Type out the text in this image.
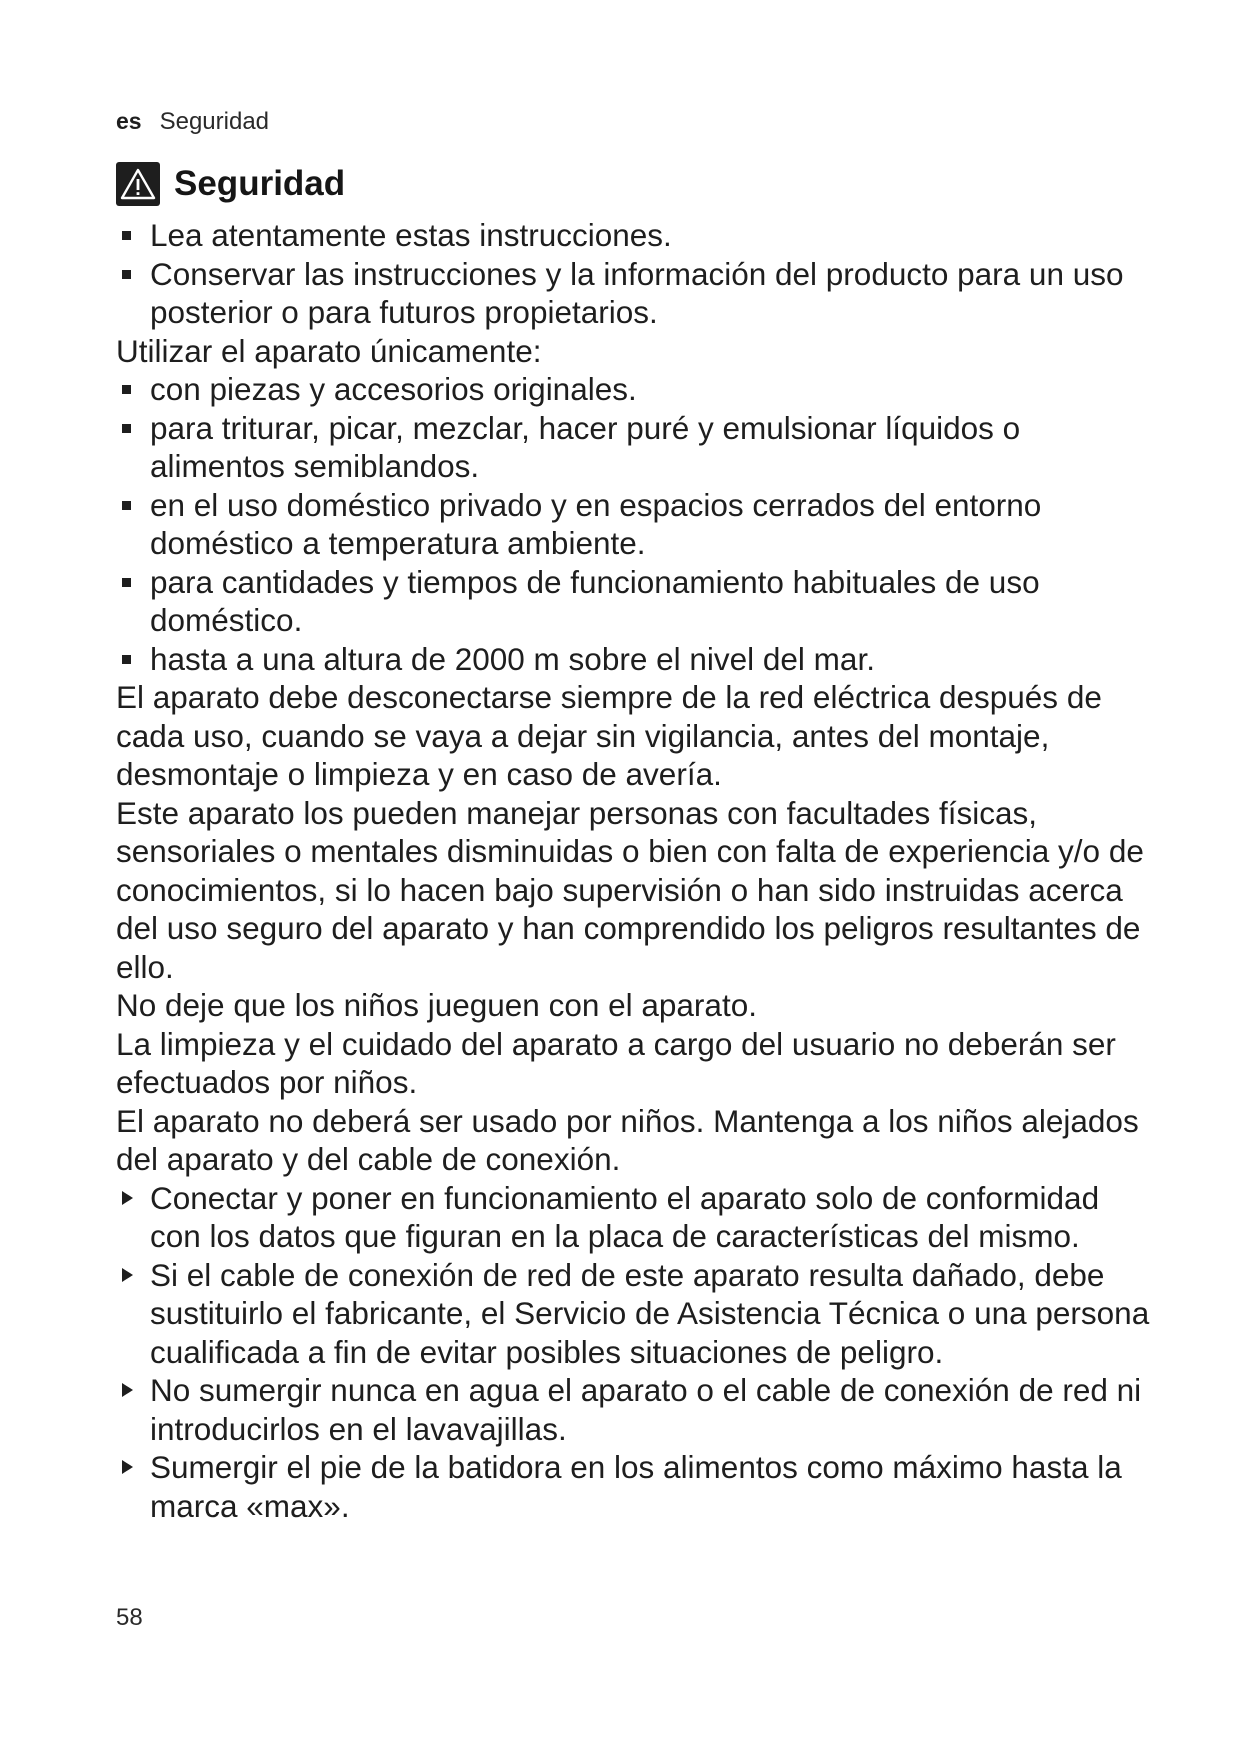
es Seguridad
Seguridad

Lea atentamente estas instrucciones.

Conservar las instrucciones y la información del producto para un uso posterior o para futuros propietarios.

Utilizar el aparato únicamente:

con piezas y accesorios originales.

para triturar, picar, mezclar, hacer puré y emulsionar líquidos o alimentos semiblandos.

en el uso doméstico privado y en espacios cerrados del entorno doméstico a temperatura ambiente.

para cantidades y tiempos de funcionamiento habituales de uso doméstico.

hasta a una altura de 2000 m sobre el nivel del mar.

El aparato debe desconectarse siempre de la red eléctrica después de cada uso, cuando se vaya a dejar sin vigilancia, antes del montaje, desmontaje o limpieza y en caso de avería.

Este aparato los pueden manejar personas con facultades físicas, sensoriales o mentales disminuidas o bien con falta de experiencia y/o de conocimientos, si lo hacen bajo supervisión o han sido instruidas acerca del uso seguro del aparato y han comprendido los peligros resultantes de ello.

No deje que los niños jueguen con el aparato.

La limpieza y el cuidado del aparato a cargo del usuario no deberán ser efectuados por niños.

El aparato no deberá ser usado por niños. Mantenga a los niños alejados del aparato y del cable de conexión.

Conectar y poner en funcionamiento el aparato solo de conformidad con los datos que figuran en la placa de características del mismo.

Si el cable de conexión de red de este aparato resulta dañado, debe sustituirlo el fabricante, el Servicio de Asistencia Técnica o una persona cualificada a fin de evitar posibles situaciones de peligro.

No sumergir nunca en agua el aparato o el cable de conexión de red ni introducirlos en el lavavajillas.

Sumergir el pie de la batidora en los alimentos como máximo hasta la marca «max».

58
